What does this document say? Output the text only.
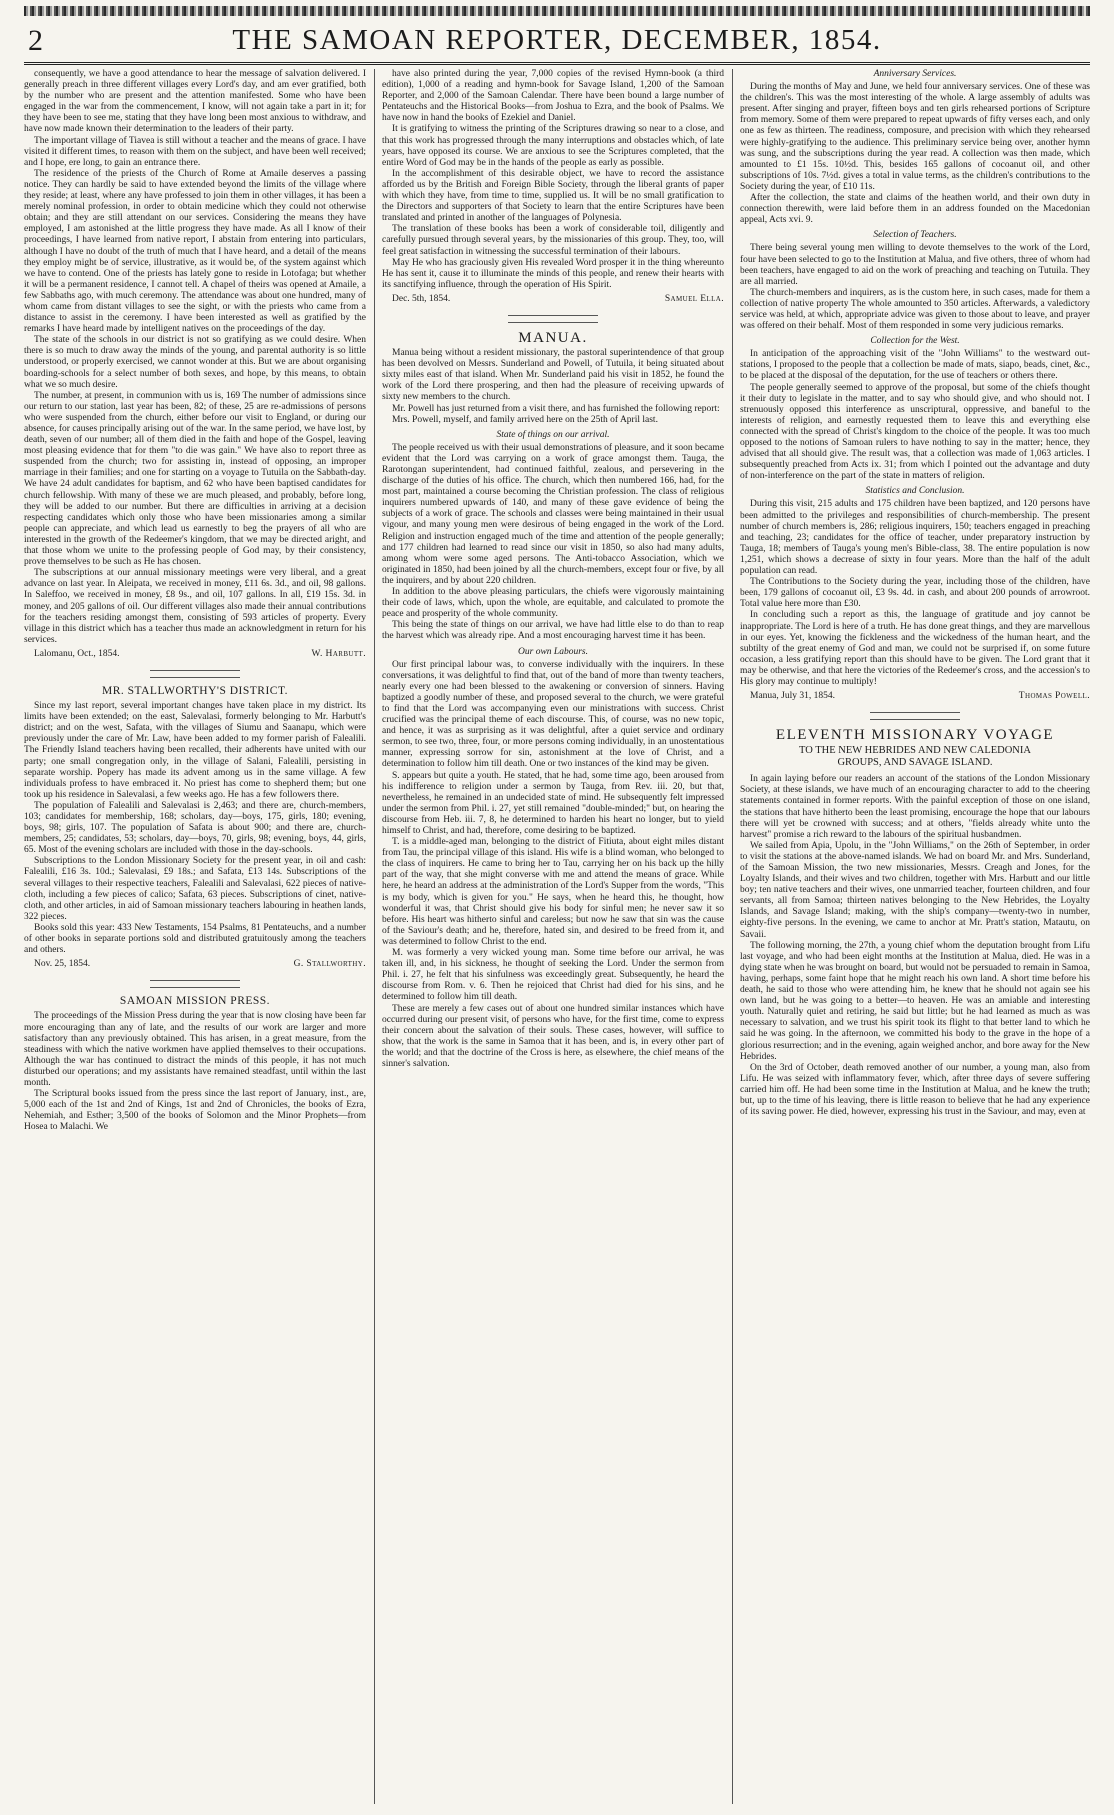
2	THE SAMOAN REPORTER, DECEMBER, 1854.

consequently, we have a good attendance to hear the message of salvation delivered. I generally preach in three different villages every Lord's day, and am ever gratified, both by the number who are present and the attention manifested. Some who have been engaged in the war from the commencement, I know, will not again take a part in it; for they have been to see me, stating that they have long been most anxious to withdraw, and have now made known their determination to the leaders of their party.

The important village of Tiavea is still without a teacher and the means of grace. I have visited it different times, to reason with them on the subject, and have been well received; and I hope, ere long, to gain an entrance there.

The residence of the priests of the Church of Rome at Amaile deserves a passing notice. They can hardly be said to have extended beyond the limits of the village where they reside; at least, where any have professed to join them in other villages, it has been a merely nominal profession, in order to obtain medicine which they could not otherwise obtain; and they are still attendant on our services. Considering the means they have employed, I am astonished at the little progress they have made. As all I know of their proceedings, I have learned from native report, I abstain from entering into particulars, although I have no doubt of the truth of much that I have heard, and a detail of the means they employ might be of service, illustrative, as it would be, of the system against which we have to contend. One of the priests has lately gone to reside in Lotofaga; but whether it will be a permanent residence, I cannot tell. A chapel of theirs was opened at Amaile, a few Sabbaths ago, with much ceremony. The attendance was about one hundred, many of whom came from distant villages to see the sight, or with the priests who came from a distance to assist in the ceremony. I have been interested as well as gratified by the remarks I have heard made by intelligent natives on the proceedings of the day.

The state of the schools in our district is not so gratifying as we could desire. When there is so much to draw away the minds of the young, and parental authority is so little understood, or properly exercised, we cannot wonder at this. But we are about organising boarding-schools for a select number of both sexes, and hope, by this means, to obtain what we so much desire.

The number, at present, in communion with us is, 169 The number of admissions since our return to our station, last year has been, 82; of these, 25 are re-admissions of persons who were suspended from the church, either before our visit to England, or during our absence, for causes principally arising out of the war. In the same period, we have lost, by death, seven of our number; all of them died in the faith and hope of the Gospel, leaving most pleasing evidence that for them "to die was gain." We have also to report three as suspended from the church; two for assisting in, instead of opposing, an improper marriage in their families; and one for starting on a voyage to Tutuila on the Sabbath-day. We have 24 adult candidates for baptism, and 62 who have been baptised candidates for church fellowship. With many of these we are much pleased, and probably, before long, they will be added to our number. But there are difficulties in arriving at a decision respecting candidates which only those who have been missionaries among a similar people can appreciate, and which lead us earnestly to beg the prayers of all who are interested in the growth of the Redeemer's kingdom, that we may be directed aright, and that those whom we unite to the professing people of God may, by their consistency, prove themselves to be such as He has chosen.

The subscriptions at our annual missionary meetings were very liberal, and a great advance on last year. In Aleipata, we received in money, £11 6s. 3d., and oil, 98 gallons. In Saleffoo, we received in money, £8 9s., and oil, 107 gallons. In all, £19 15s. 3d. in money, and 205 gallons of oil. Our different villages also made their annual contributions for the teachers residing amongst them, consisting of 593 articles of property. Every village in this district which has a teacher thus made an acknowledgment in return for his services.

Lalomanu, Oct., 1854.	W. Harbutt.
MR. STALLWORTHY'S DISTRICT.

Since my last report, several important changes have taken place in my district. Its limits have been extended; on the east, Salevalasi, formerly belonging to Mr. Harbutt's district; and on the west, Safata, with the villages of Siumu and Saanapu, which were previously under the care of Mr. Law, have been added to my former parish of Falealili. The Friendly Island teachers having been recalled, their adherents have united with our party; one small congregation only, in the village of Salani, Falealili, persisting in separate worship. Popery has made its advent among us in the same village. A few individuals profess to have embraced it. No priest has come to shepherd them; but one took up his residence in Salevalasi, a few weeks ago. He has a few followers there.

The population of Falealili and Salevalasi is 2,463; and there are, church-members, 103; candidates for membership, 168; scholars, day—boys, 175, girls, 180; evening, boys, 98; girls, 107. The population of Safata is about 900; and there are, church-members, 25; candidates, 53; scholars, day—boys, 70, girls, 98; evening, boys, 44, girls, 65. Most of the evening scholars are included with those in the day-schools.

Subscriptions to the London Missionary Society for the present year, in oil and cash: Falealili, £16 3s. 10d.; Salevalasi, £9 18s.; and Safata, £13 14s. Subscriptions of the several villages to their respective teachers, Falealili and Salevalasi, 622 pieces of native-cloth, including a few pieces of calico; Safata, 63 pieces. Subscriptions of cinet, native-cloth, and other articles, in aid of Samoan missionary teachers labouring in heathen lands, 322 pieces.

Books sold this year: 433 New Testaments, 154 Psalms, 81 Pentateuchs, and a number of other books in separate portions sold and distributed gratuitously among the teachers and others.

Nov. 25, 1854.	G. Stallworthy.
SAMOAN MISSION PRESS.

The proceedings of the Mission Press during the year that is now closing have been far more encouraging than any of late, and the results of our work are larger and more satisfactory than any previously obtained. This has arisen, in a great measure, from the steadiness with which the native workmen have applied themselves to their occupations. Although the war has continued to distract the minds of this people, it has not much disturbed our operations; and my assistants have remained steadfast, until within the last month.

The Scriptural books issued from the press since the last report of January, inst., are, 5,000 each of the 1st and 2nd of Kings, 1st and 2nd of Chronicles, the books of Ezra, Nehemiah, and Esther; 3,500 of the books of Solomon and the Minor Prophets—from Hosea to Malachi. We

have also printed during the year, 7,000 copies of the revised Hymn-book (a third edition), 1,000 of a reading and hymn-book for Savage Island, 1,200 of the Samoan Reporter, and 2,000 of the Samoan Calendar. There have been bound a large number of Pentateuchs and the Historical Books—from Joshua to Ezra, and the book of Psalms. We have now in hand the books of Ezekiel and Daniel.

It is gratifying to witness the printing of the Scriptures drawing so near to a close, and that this work has progressed through the many interruptions and obstacles which, of late years, have opposed its course. We are anxious to see the Scriptures completed, that the entire Word of God may be in the hands of the people as early as possible.

In the accomplishment of this desirable object, we have to record the assistance afforded us by the British and Foreign Bible Society, through the liberal grants of paper with which they have, from time to time, supplied us. It will be no small gratification to the Directors and supporters of that Society to learn that the entire Scriptures have been translated and printed in another of the languages of Polynesia.

The translation of these books has been a work of considerable toil, diligently and carefully pursued through several years, by the missionaries of this group. They, too, will feel great satisfaction in witnessing the successful termination of their labours.

May He who has graciously given His revealed Word prosper it in the thing whereunto He has sent it, cause it to illuminate the minds of this people, and renew their hearts with its sanctifying influence, through the operation of His Spirit.

Dec. 5th, 1854.	Samuel Ella.
MANUA.

Manua being without a resident missionary, the pastoral superintendence of that group has been devolved on Messrs. Sunderland and Powell, of Tutuila, it being situated about sixty miles east of that island. When Mr. Sunderland paid his visit in 1852, he found the work of the Lord there prospering, and then had the pleasure of receiving upwards of sixty new members to the church.

Mr. Powell has just returned from a visit there, and has furnished the following report:

Mrs. Powell, myself, and family arrived here on the 25th of April last.

State of things on our arrival.

The people received us with their usual demonstrations of pleasure, and it soon became evident that the Lord was carrying on a work of grace amongst them. Tauga, the Rarotongan superintendent, had continued faithful, zealous, and persevering in the discharge of the duties of his office. The church, which then numbered 166, had, for the most part, maintained a course becoming the Christian profession. The class of religious inquirers numbered upwards of 140, and many of these gave evidence of being the subjects of a work of grace. The schools and classes were being maintained in their usual vigour, and many young men were desirous of being engaged in the work of the Lord. Religion and instruction engaged much of the time and attention of the people generally; and 177 children had learned to read since our visit in 1850, so also had many adults, among whom were some aged persons. The Anti-tobacco Association, which we originated in 1850, had been joined by all the church-members, except four or five, by all the inquirers, and by about 220 children.

In addition to the above pleasing particulars, the chiefs were vigorously maintaining their code of laws, which, upon the whole, are equitable, and calculated to promote the peace and prosperity of the whole community.

This being the state of things on our arrival, we have had little else to do than to reap the harvest which was already ripe. And a most encouraging harvest time it has been.

Our own Labours.

Our first principal labour was, to converse individually with the inquirers. In these conversations, it was delightful to find that, out of the band of more than twenty teachers, nearly every one had been blessed to the awakening or conversion of sinners. Having baptized a goodly number of these, and proposed several to the church, we were grateful to find that the Lord was accompanying even our ministrations with success. Christ crucified was the principal theme of each discourse. This, of course, was no new topic, and hence, it was as surprising as it was delightful, after a quiet service and ordinary sermon, to see two, three, four, or more persons coming individually, in an unostentatious manner, expressing sorrow for sin, astonishment at the love of Christ, and a determination to follow him till death. One or two instances of the kind may be given.

S. appears but quite a youth. He stated, that he had, some time ago, been aroused from his indifference to religion under a sermon by Tauga, from Rev. iii. 20, but that, nevertheless, he remained in an undecided state of mind. He subsequently felt impressed under the sermon from Phil. i. 27, yet still remained "double-minded;" but, on hearing the discourse from Heb. iii. 7, 8, he determined to harden his heart no longer, but to yield himself to Christ, and had, therefore, come desiring to be baptized.

T. is a middle-aged man, belonging to the district of Fitiuta, about eight miles distant from Tau, the principal village of this island. His wife is a blind woman, who belonged to the class of inquirers. He came to bring her to Tau, carrying her on his back up the hilly part of the way, that she might converse with me and attend the means of grace. While here, he heard an address at the administration of the Lord's Supper from the words, "This is my body, which is given for you." He says, when he heard this, he thought, how wonderful it was, that Christ should give his body for sinful men; he never saw it so before. His heart was hitherto sinful and careless; but now he saw that sin was the cause of the Saviour's death; and he, therefore, hated sin, and desired to be freed from it, and was determined to follow Christ to the end.

M. was formerly a very wicked young man. Some time before our arrival, he was taken ill, and, in his sickness, he thought of seeking the Lord. Under the sermon from Phil. i. 27, he felt that his sinfulness was exceedingly great. Subsequently, he heard the discourse from Rom. v. 6. Then he rejoiced that Christ had died for his sins, and he determined to follow him till death.

These are merely a few cases out of about one hundred similar instances which have occurred during our present visit, of persons who have, for the first time, come to express their concern about the salvation of their souls. These cases, however, will suffice to show, that the work is the same in Samoa that it has been, and is, in every other part of the world; and that the doctrine of the Cross is here, as elsewhere, the chief means of the sinner's salvation.

Anniversary Services.

During the months of May and June, we held four anniversary services. One of these was the children's. This was the most interesting of the whole. A large assembly of adults was present. After singing and prayer, fifteen boys and ten girls rehearsed portions of Scripture from memory. Some of them were prepared to repeat upwards of fifty verses each, and only one as few as thirteen. The readiness, composure, and precision with which they rehearsed were highly-gratifying to the audience. This preliminary service being over, another hymn was sung, and the subscriptions during the year read. A collection was then made, which amounted to £1 15s. 10½d. This, besides 165 gallons of cocoanut oil, and other subscriptions of 10s. 7½d. gives a total in value terms, as the children's contributions to the Society during the year, of £10 11s.

After the collection, the state and claims of the heathen world, and their own duty in connection therewith, were laid before them in an address founded on the Macedonian appeal, Acts xvi. 9.

Selection of Teachers.

There being several young men willing to devote themselves to the work of the Lord, four have been selected to go to the Institution at Malua, and five others, three of whom had been teachers, have engaged to aid on the work of preaching and teaching on Tutuila. They are all married.

The church-members and inquirers, as is the custom here, in such cases, made for them a collection of native property The whole amounted to 350 articles. Afterwards, a valedictory service was held, at which, appropriate advice was given to those about to leave, and prayer was offered on their behalf. Most of them responded in some very judicious remarks.

Collection for the West.

In anticipation of the approaching visit of the "John Williams" to the westward out-stations, I proposed to the people that a collection be made of mats, siapo, beads, cinet, &c., to be placed at the disposal of the deputation, for the use of teachers or others there.

The people generally seemed to approve of the proposal, but some of the chiefs thought it their duty to legislate in the matter, and to say who should give, and who should not. I strenuously opposed this interference as unscriptural, oppressive, and baneful to the interests of religion, and earnestly requested them to leave this and everything else connected with the spread of Christ's kingdom to the choice of the people. It was too much opposed to the notions of Samoan rulers to have nothing to say in the matter; hence, they advised that all should give. The result was, that a collection was made of 1,063 articles. I subsequently preached from Acts ix. 31; from which I pointed out the advantage and duty of non-interference on the part of the state in matters of religion.

Statistics and Conclusion.

During this visit, 215 adults and 175 children have been baptized, and 120 persons have been admitted to the privileges and responsibilities of church-membership. The present number of church members is, 286; religious inquirers, 150; teachers engaged in preaching and teaching, 23; candidates for the office of teacher, under preparatory instruction by Tauga, 18; members of Tauga's young men's Bible-class, 38. The entire population is now 1,251, which shows a decrease of sixty in four years. More than the half of the adult population can read.

The Contributions to the Society during the year, including those of the children, have been, 179 gallons of cocoanut oil, £3 9s. 4d. in cash, and about 200 pounds of arrowroot. Total value here more than £30.

In concluding such a report as this, the language of gratitude and joy cannot be inappropriate. The Lord is here of a truth. He has done great things, and they are marvellous in our eyes. Yet, knowing the fickleness and the wickedness of the human heart, and the subtilty of the great enemy of God and man, we could not be surprised if, on some future occasion, a less gratifying report than this should have to be given. The Lord grant that it may be otherwise, and that here the victories of the Redeemer's cross, and the accession's to His glory may continue to multiply!

Manua, July 31, 1854.	Thomas Powell.
ELEVENTH MISSIONARY VOYAGE
TO THE NEW HEBRIDES AND NEW CALEDONIA
GROUPS, AND SAVAGE ISLAND.

In again laying before our readers an account of the stations of the London Missionary Society, at these islands, we have much of an encouraging character to add to the cheering statements contained in former reports. With the painful exception of those on one island, the stations that have hitherto been the least promising, encourage the hope that our labours there will yet be crowned with success; and at others, "fields already white unto the harvest" promise a rich reward to the labours of the spiritual husbandmen.

We sailed from Apia, Upolu, in the "John Williams," on the 26th of September, in order to visit the stations at the above-named islands. We had on board Mr. and Mrs. Sunderland, of the Samoan Mission, the two new missionaries, Messrs. Creagh and Jones, for the Loyalty Islands, and their wives and two children, together with Mrs. Harbutt and our little boy; ten native teachers and their wives, one unmarried teacher, fourteen children, and four servants, all from Samoa; thirteen natives belonging to the New Hebrides, the Loyalty Islands, and Savage Island; making, with the ship's company—twenty-two in number, eighty-five persons. In the evening, we came to anchor at Mr. Pratt's station, Matautu, on Savaii.

The following morning, the 27th, a young chief whom the deputation brought from Lifu last voyage, and who had been eight months at the Institution at Malua, died. He was in a dying state when he was brought on board, but would not be persuaded to remain in Samoa, having, perhaps, some faint hope that he might reach his own land. A short time before his death, he said to those who were attending him, he knew that he should not again see his own land, but he was going to a better—to heaven. He was an amiable and interesting youth. Naturally quiet and retiring, he said but little; but he had learned as much as was necessary to salvation, and we trust his spirit took its flight to that better land to which he said he was going. In the afternoon, we committed his body to the grave in the hope of a glorious resurrection; and in the evening, again weighed anchor, and bore away for the New Hebrides.

On the 3rd of October, death removed another of our number, a young man, also from Lifu. He was seized with inflammatory fever, which, after three days of severe suffering carried him off. He had been some time in the Institution at Malua, and he knew the truth; but, up to the time of his leaving, there is little reason to believe that he had any experience of its saving power. He died, however, expressing his trust in the Saviour, and may, even at
